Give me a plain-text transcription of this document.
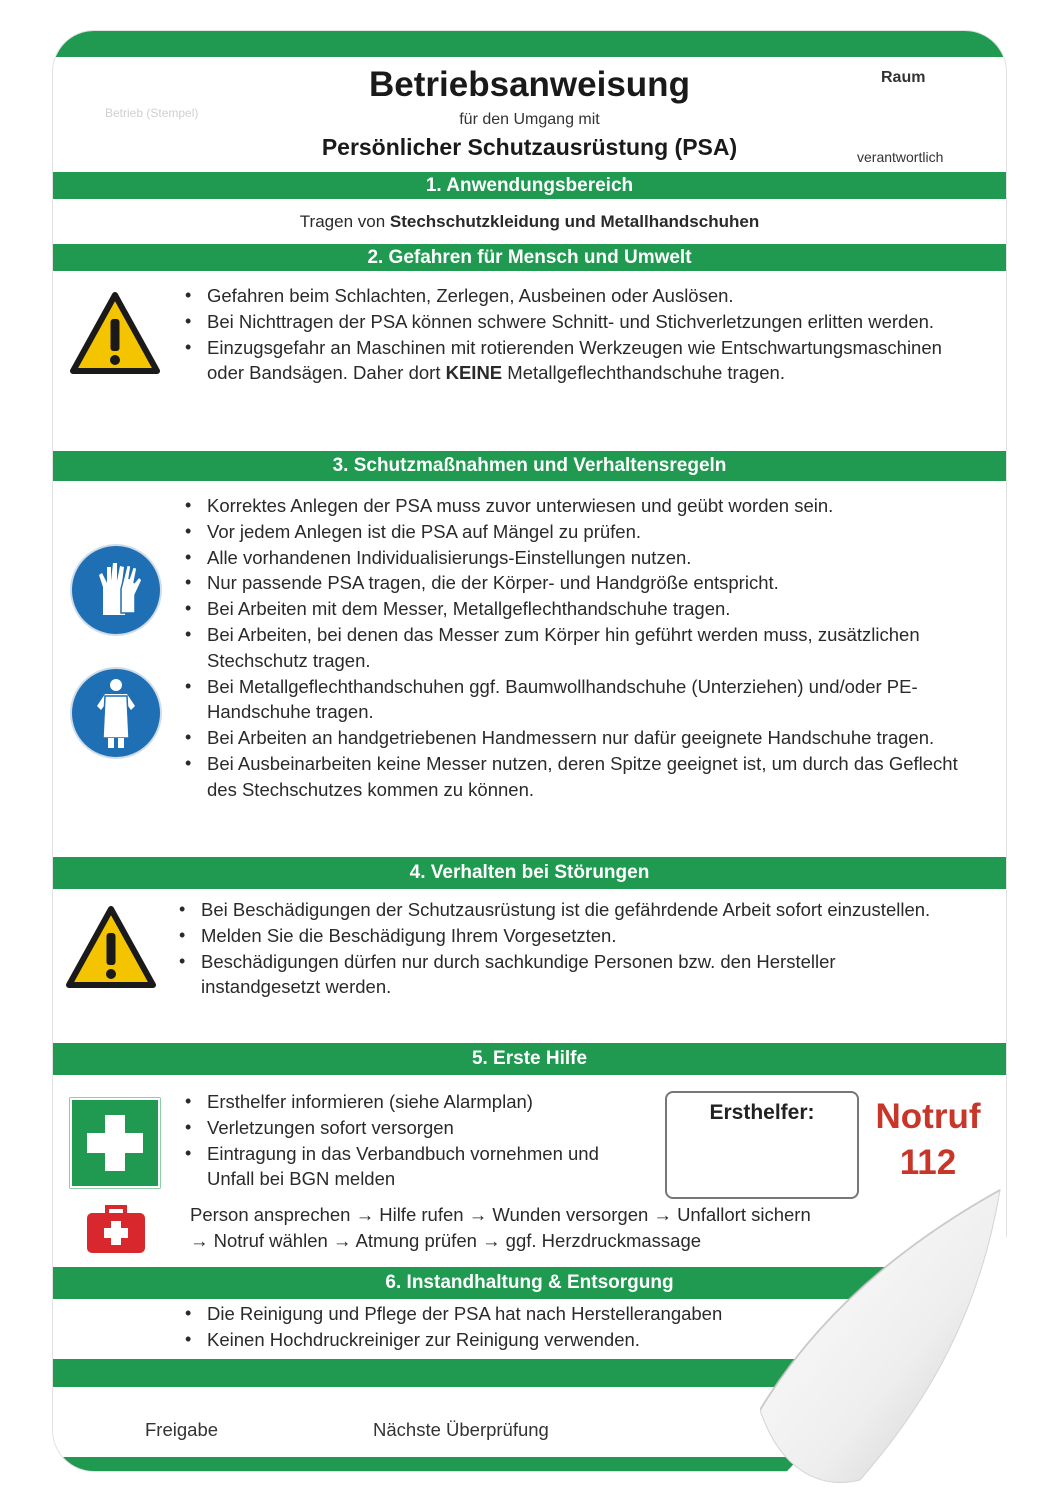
Betrieb (Stempel)
Betriebsanweisung
für den Umgang mit
Persönlicher Schutzausrüstung (PSA)
Raum
verantwortlich
1. Anwendungsbereich
Tragen von Stechschutzkleidung und Metallhandschuhen
2. Gefahren für Mensch und Umwelt
• Gefahren beim Schlachten, Zerlegen, Ausbeinen oder Auslösen.
• Bei Nichttragen der PSA können schwere Schnitt- und Stichverletzungen erlitten werden.
• Einzugsgefahr an Maschinen mit rotierenden Werkzeugen wie Entschwartungsmaschinen oder Bandsägen. Daher dort KEINE Metallgeflechthandschuhe tragen.
3. Schutzmaßnahmen und Verhaltensregeln
• Korrektes Anlegen der PSA muss zuvor unterwiesen und geübt worden sein.
• Vor jedem Anlegen ist die PSA auf Mängel zu prüfen.
• Alle vorhandenen Individualisierungs-Einstellungen nutzen.
• Nur passende PSA tragen, die der Körper- und Handgröße entspricht.
• Bei Arbeiten mit dem Messer, Metallgeflechthandschuhe tragen.
• Bei Arbeiten, bei denen das Messer zum Körper hin geführt werden muss, zusätzlichen Stechschutz tragen.
• Bei Metallgeflechthandschuhen ggf. Baumwollhandschuhe (Unterziehen) und/oder PE-Handschuhe tragen.
• Bei Arbeiten an handgetriebenen Handmessern nur dafür geeignete Handschuhe tragen.
• Bei Ausbeinarbeiten keine Messer nutzen, deren Spitze geeignet ist, um durch das Geflecht des Stechschutzes kommen zu können.
4. Verhalten bei Störungen
• Bei Beschädigungen der Schutzausrüstung ist die gefährdende Arbeit sofort einzustellen.
• Melden Sie die Beschädigung Ihrem Vorgesetzten.
• Beschädigungen dürfen nur durch sachkundige Personen bzw. den Hersteller instandgesetzt werden.
5. Erste Hilfe
• Ersthelfer informieren (siehe Alarmplan)
• Verletzungen sofort versorgen
• Eintragung in das Verbandbuch vornehmen und Unfall bei BGN melden
Ersthelfer:	Notruf
112
Person ansprechen → Hilfe rufen → Wunden versorgen → Unfallort sichern
→ Notruf wählen → Atmung prüfen → ggf. Herzdruckmassage
6. Instandhaltung & Entsorgung
• Die Reinigung und Pflege der PSA hat nach Herstellerangaben
• Keinen Hochdruckreiniger zur Reinigung verwenden.
Freigabe	Nächste Überprüfung
